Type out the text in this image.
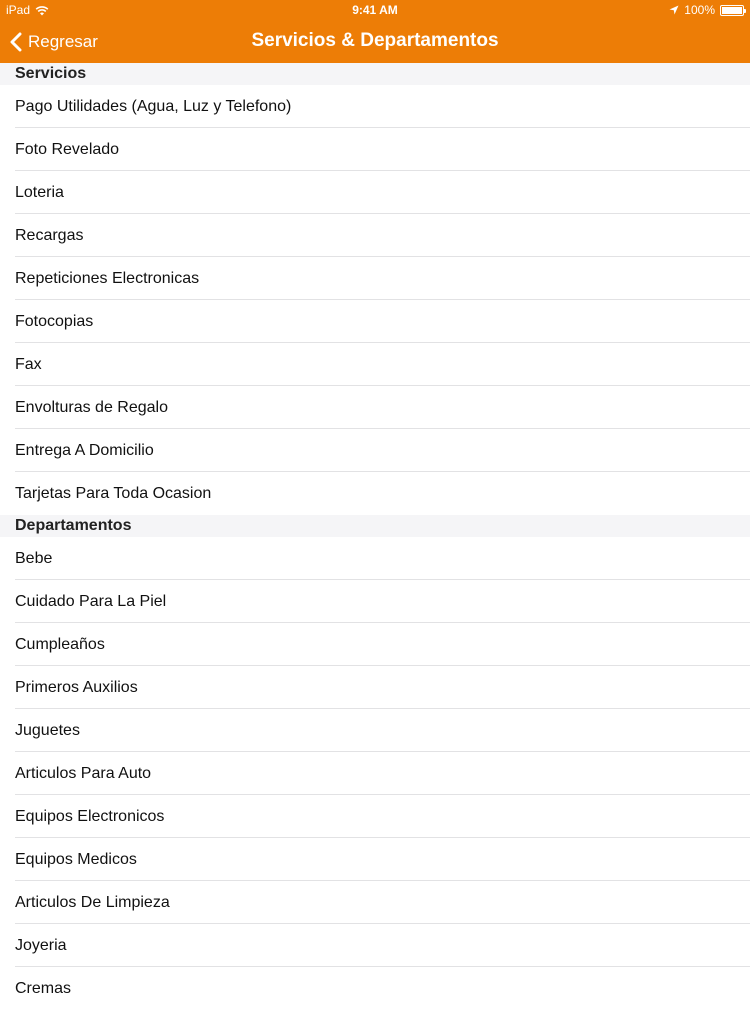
iPad	9:41 AM	100%
Regresar	Servicios & Departamentos
Servicios
Pago Utilidades (Agua, Luz y Telefono)
Foto Revelado
Loteria
Recargas
Repeticiones Electronicas
Fotocopias
Fax
Envolturas de Regalo
Entrega A Domicilio
Tarjetas Para Toda Ocasion
Departamentos
Bebe
Cuidado Para La Piel
Cumpleaños
Primeros Auxilios
Juguetes
Articulos Para Auto
Equipos Electronicos
Equipos Medicos
Articulos De Limpieza
Joyeria
Cremas
